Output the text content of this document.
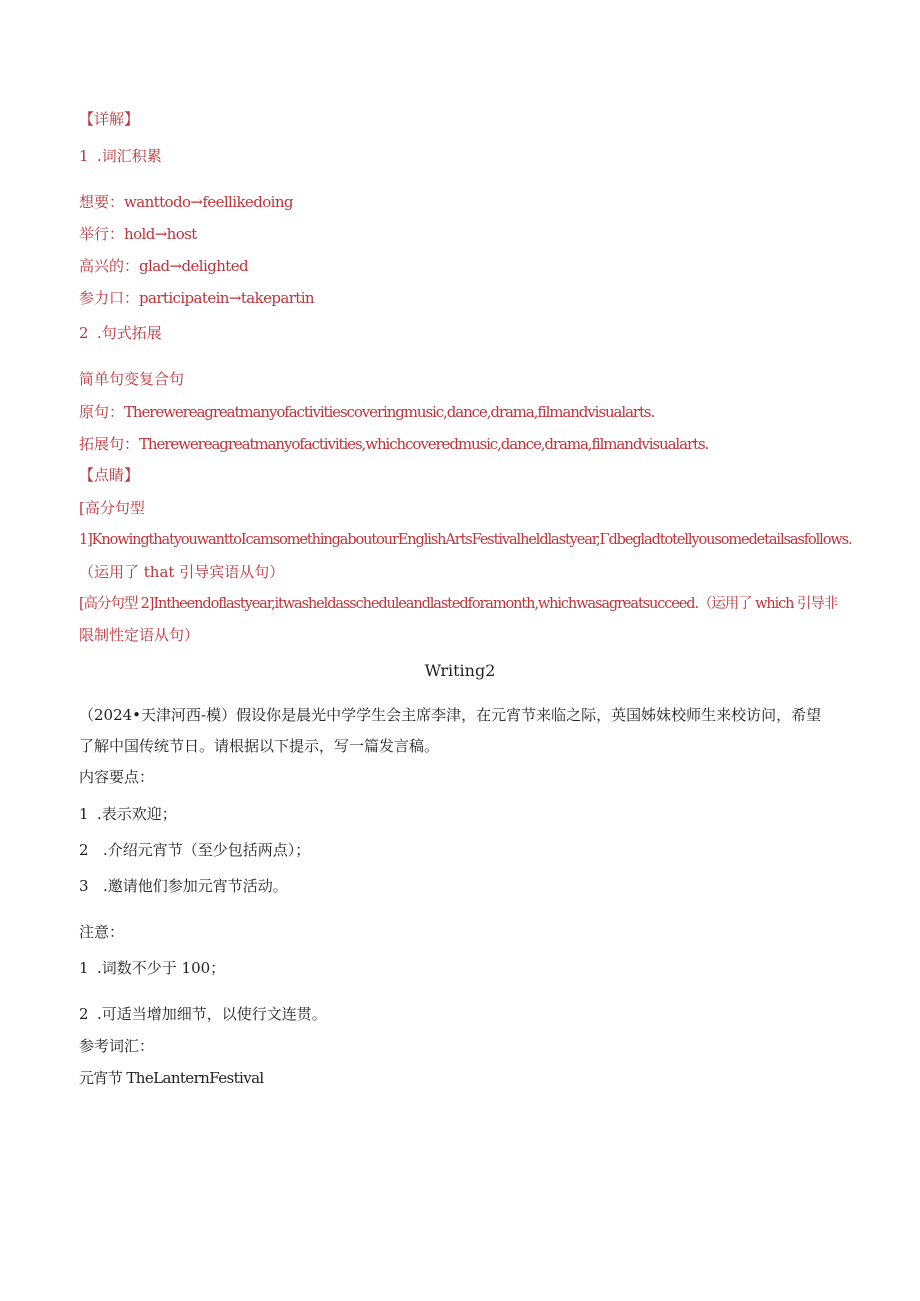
【详解】
1 .词汇积累
想要：wanttodo→feellikedoing
举行：hold→host
高兴的：glad→delighted
参力口：participatein→takepartin
2 .句式拓展
简单句变复合句
原句：Therewereagreatmanyofactivitiescoveringmusic,dance,drama,filmandvisualarts.
拓展句：Therewereagreatmanyofactivities,whichcoveredmusic,dance,drama,filmandvisualarts.
【点睛】
[高分句型
1]KnowingthatyouwanttoIcamsomethingaboutourEnglishArtsFestivalheldlastyear,Γdbegladtotellyousomedetailsasfollows.
（运用了 that 引导宾语从句）
[高分句型 2]Intheendoflastyear,itwasheldasscheduleandlastedforamonth,whichwasagreatsucceed.（运用了 which 引导非
限制性定语从句）
Writing2
（2024•天津河西-模）假设你是晨光中学学生会主席李津，在元宵节来临之际，英国姊妹校师生来校访问，希望
了解中国传统节日。请根据以下提示，写一篇发言稿。
内容要点：
1 .表示欢迎；
2 .介绍元宵节（至少包括两点）；
3 .邀请他们参加元宵节活动。
注意：
1 .词数不少于 100；
2 .可适当增加细节，以使行文连贯。
参考词汇：
元宵节 TheLanternFestival
